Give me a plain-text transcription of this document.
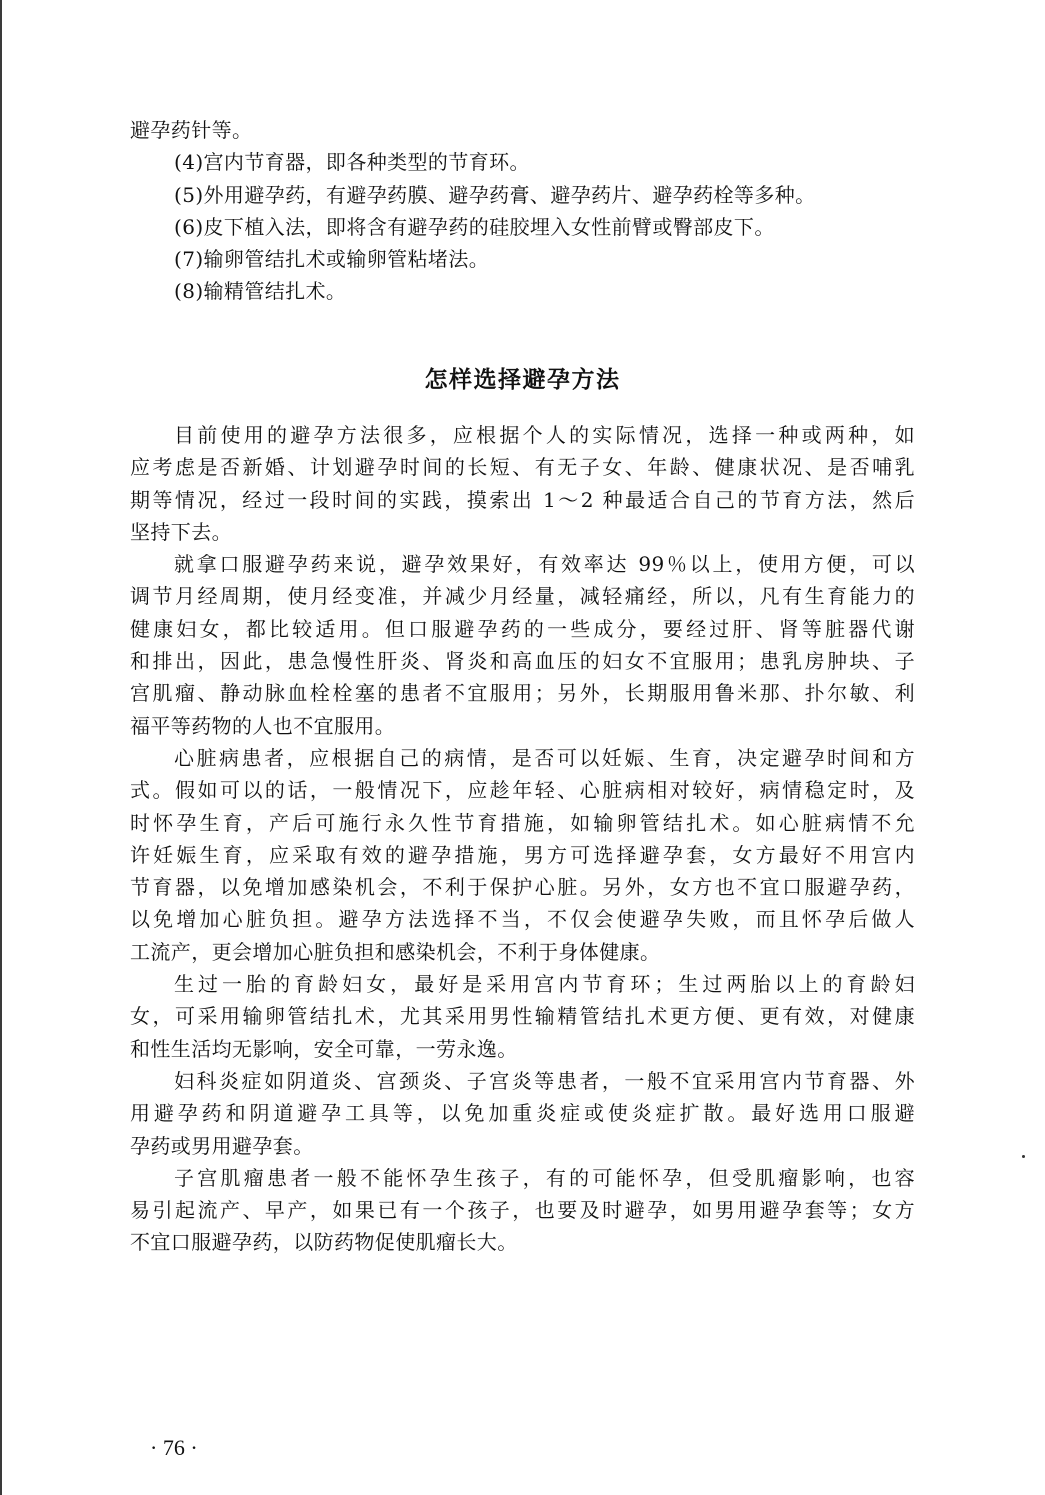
避孕药针等。
(4)宫内节育器，即各种类型的节育环。
(5)外用避孕药，有避孕药膜、避孕药膏、避孕药片、避孕药栓等多种。
(6)皮下植入法，即将含有避孕药的硅胶埋入女性前臂或臀部皮下。
(7)输卵管结扎术或输卵管粘堵法。
(8)输精管结扎术。
怎样选择避孕方法
目前使用的避孕方法很多，应根据个人的实际情况，选择一种或两种，如
应考虑是否新婚、计划避孕时间的长短、有无子女、年龄、健康状况、是否哺乳
期等情况，经过一段时间的实践，摸索出 1～2 种最适合自己的节育方法，然后
坚持下去。
就拿口服避孕药来说，避孕效果好，有效率达 99％以上，使用方便，可以
调节月经周期，使月经变准，并减少月经量，减轻痛经，所以，凡有生育能力的
健康妇女，都比较适用。但口服避孕药的一些成分，要经过肝、肾等脏器代谢
和排出，因此，患急慢性肝炎、肾炎和高血压的妇女不宜服用；患乳房肿块、子
宫肌瘤、静动脉血栓栓塞的患者不宜服用；另外，长期服用鲁米那、扑尔敏、利
福平等药物的人也不宜服用。
心脏病患者，应根据自己的病情，是否可以妊娠、生育，决定避孕时间和方
式。假如可以的话，一般情况下，应趁年轻、心脏病相对较好，病情稳定时，及
时怀孕生育，产后可施行永久性节育措施，如输卵管结扎术。如心脏病情不允
许妊娠生育，应采取有效的避孕措施，男方可选择避孕套，女方最好不用宫内
节育器，以免增加感染机会，不利于保护心脏。另外，女方也不宜口服避孕药，
以免增加心脏负担。避孕方法选择不当，不仅会使避孕失败，而且怀孕后做人
工流产，更会增加心脏负担和感染机会，不利于身体健康。
生过一胎的育龄妇女，最好是采用宫内节育环；生过两胎以上的育龄妇
女，可采用输卵管结扎术，尤其采用男性输精管结扎术更方便、更有效，对健康
和性生活均无影响，安全可靠，一劳永逸。
妇科炎症如阴道炎、宫颈炎、子宫炎等患者，一般不宜采用宫内节育器、外
用避孕药和阴道避孕工具等，以免加重炎症或使炎症扩散。最好选用口服避
孕药或男用避孕套。
子宫肌瘤患者一般不能怀孕生孩子，有的可能怀孕，但受肌瘤影响，也容
易引起流产、早产，如果已有一个孩子，也要及时避孕，如男用避孕套等；女方
不宜口服避孕药，以防药物促使肌瘤长大。
· 76 ·
